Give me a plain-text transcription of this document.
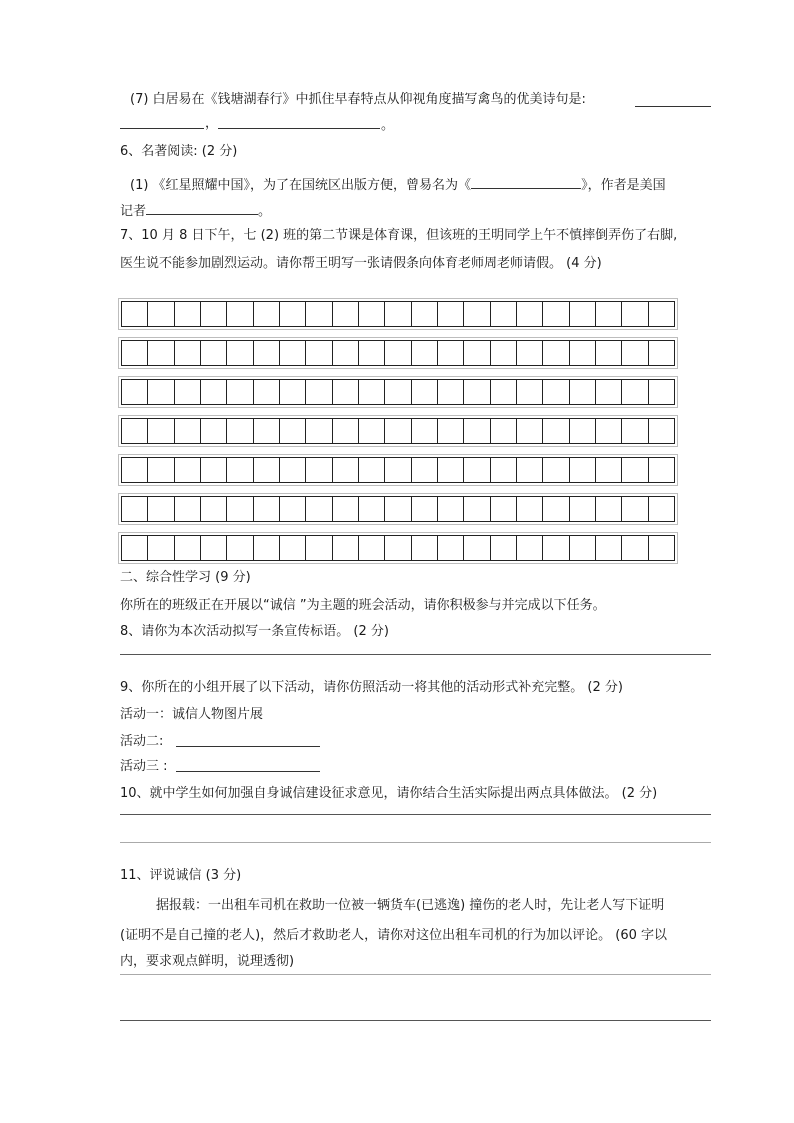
(7) 白居易在《钱塘湖春行》中抓住早春特点从仰视角度描写禽鸟的优美诗句是:
，	。
6、名著阅读: (2 分)
(1) 《红星照耀中国》，为了在国统区出版方便，曾易名为《	》，作者是美国
记者	。
7、10 月 8 日下午，七 (2) 班的第二节课是体育课，但该班的王明同学上午不慎摔倒弄伤了右脚,
医生说不能参加剧烈运动。请你帮王明写一张请假条向体育老师周老师请假。 (4 分)
二、综合性学习 (9 分)
你所在的班级正在开展以“诚信 ”为主题的班会活动，请你积极参与并完成以下任务。
8、请你为本次活动拟写一条宣传标语。 (2 分)
9、你所在的小组开展了以下活动，请你仿照活动一将其他的活动形式补充完整。 (2 分)
活动一：诚信人物图片展
活动二:
活动三 :
10、就中学生如何加强自身诚信建设征求意见，请你结合生活实际提出两点具体做法。 (2 分)
11、评说诚信 (3 分)
据报载：一出租车司机在救助一位被一辆货车(已逃逸) 撞伤的老人时，先让老人写下证明
(证明不是自己撞的老人)，然后才救助老人，请你对这位出租车司机的行为加以评论。 (60 字以
内，要求观点鲜明，说理透彻)
